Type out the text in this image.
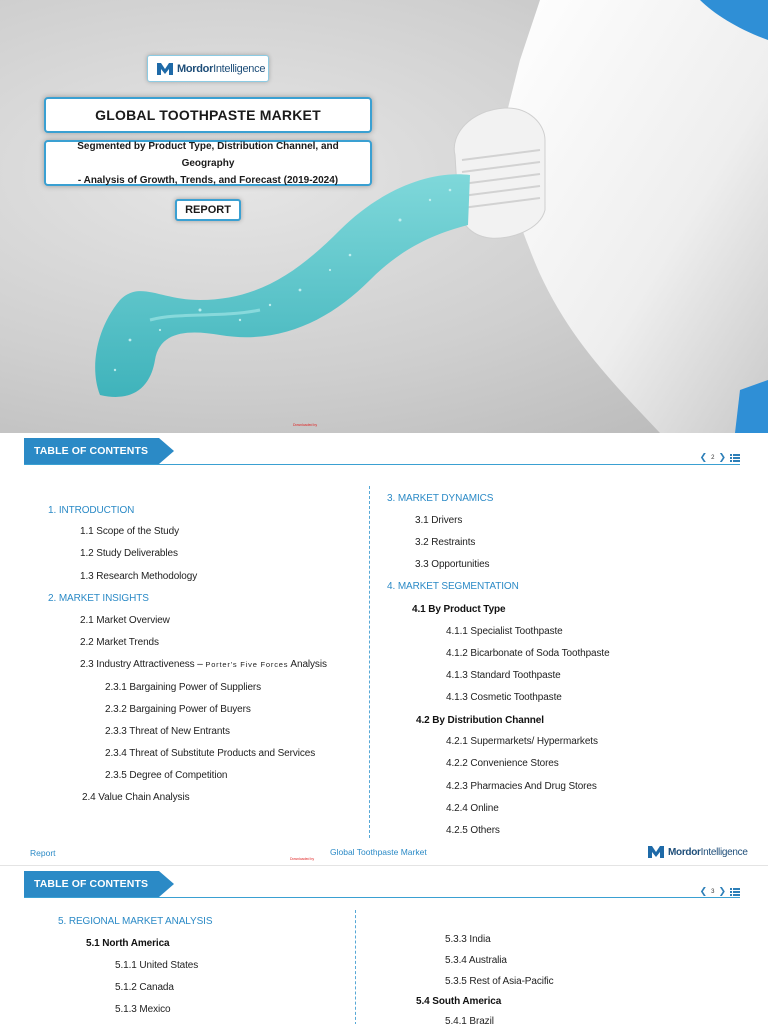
MordorIntelligence
GLOBAL TOOTHPASTE MARKET
Segmented by Product Type, Distribution Channel, and Geography
- Analysis of Growth, Trends, and Forecast (2019-2024)
REPORT
Downloaded by
TABLE OF CONTENTS	❮ 2 ❯
1. INTRODUCTION
1.1 Scope of the Study
1.2 Study Deliverables
1.3 Research Methodology
2. MARKET INSIGHTS
2.1 Market Overview
2.2 Market Trends
2.3 Industry Attractiveness – Porter's Five Forces Analysis
2.3.1 Bargaining Power of Suppliers
2.3.2 Bargaining Power of Buyers
2.3.3 Threat of New Entrants
2.3.4 Threat of Substitute Products and Services
2.3.5 Degree of Competition
2.4 Value Chain Analysis
3. MARKET DYNAMICS
3.1 Drivers
3.2 Restraints
3.3 Opportunities
4. MARKET SEGMENTATION
4.1 By Product Type
4.1.1 Specialist Toothpaste
4.1.2 Bicarbonate of Soda Toothpaste
4.1.3 Standard Toothpaste
4.1.3 Cosmetic Toothpaste
4.2 By Distribution Channel
4.2.1 Supermarkets/ Hypermarkets
4.2.2 Convenience Stores
4.2.3 Pharmacies And Drug Stores
4.2.4 Online
4.2.5 Others
Report	Global Toothpaste Market
Downloaded by
MordorIntelligence
TABLE OF CONTENTS
❮ 3 ❯
5. REGIONAL MARKET ANALYSIS
5.1 North America
5.1.1 United States
5.1.2 Canada
5.1.3 Mexico
5.3.3 India
5.3.4 Australia
5.3.5 Rest of Asia-Pacific
5.4 South America
5.4.1 Brazil
